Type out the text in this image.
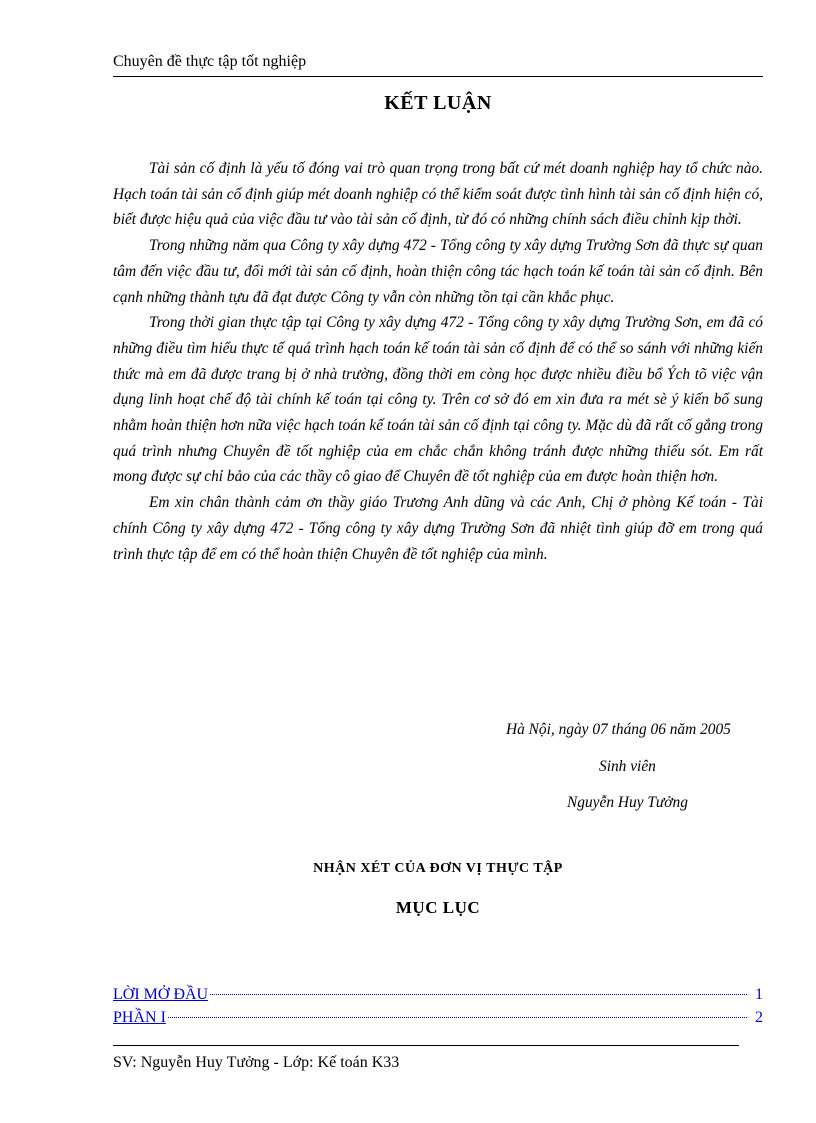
Chuyên đề thực tập tốt nghiệp
KẾT LUẬN

Tài sản cố định là yếu tố đóng vai trò quan trọng trong bất cứ mét doanh nghiệp hay tổ chức nào. Hạch toán tài sản cố định giúp mét doanh nghiệp có thể kiểm soát được tình hình tài sản cố định hiện có, biết được hiệu quả của việc đầu tư vào tài sản cố định, từ đó có những chính sách điều chỉnh kịp thời.

Trong những năm qua Công ty xây dựng 472 - Tổng công ty xây dựng Trường Sơn đã thực sự quan tâm đến việc đầu tư, đổi mới tài sản cố định, hoàn thiện công tác hạch toán kế toán tài sản cố định. Bên cạnh những thành tựu đã đạt được Công ty vẫn còn những tồn tại cần khắc phục.

Trong thời gian thực tập tại Công ty xây dựng 472 - Tổng công ty xây dựng Trường Sơn, em đã có những điều tìm hiểu thực tế quá trình hạch toán kế toán tài sản cố định để có thể so sánh với những kiến thức mà em đã được trang bị ở nhà trường, đồng thời em còng học được nhiều điều bổ Ých tõ việc vận dụng linh hoạt chế độ tài chính kế toán tại công ty. Trên cơ sở đó em xin đưa ra mét sè ý kiến bổ sung nhằm hoàn thiện hơn nữa việc hạch toán kế toán tài sản cố định tại công ty. Mặc dù đã rất cố gắng trong quá trình nhưng Chuyên đề tốt nghiệp của em chắc chắn không tránh được những thiếu sót. Em rất mong được sự chỉ bảo của các thầy cô giao để Chuyên đề tốt nghiệp của em được hoàn thiện hơn.

Em xin chân thành cảm ơn thầy giáo Trương Anh dũng và các Anh, Chị ở phòng Kế toán - Tài chính Công ty xây dựng 472 - Tổng công ty xây dựng Trường Sơn đã nhiệt tình giúp đỡ em trong quá trình thực tập để em có thể hoàn thiện Chuyên đề tốt nghiệp của mình.

Hà Nội, ngày 07 tháng 06 năm 2005
Sinh viên
Nguyễn Huy Tưởng
NHẬN XÉT CỦA ĐƠN VỊ THỰC TẬP
MỤC LỤC
LỜI MỞ ĐẦU	1
PHẦN I	2
SV: Nguyễn Huy Tưởng - Lớp: Kế toán K33
